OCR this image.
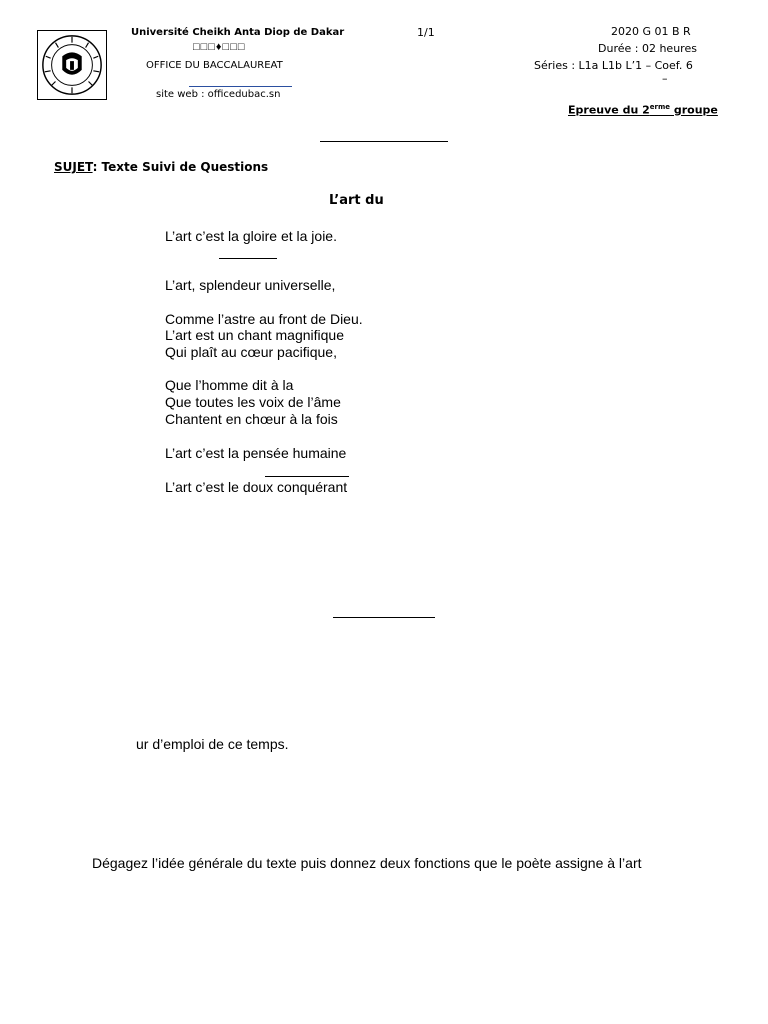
Université Cheikh Anta Diop de Dakar
□□□♦□□□
OFFICE DU BACCALAUREAT
site web : officedubac.sn
1/1	2020 G 01 B R
Durée : 02 heures
Séries : L1a L1b L’1 – Coef. 6
–
Epreuve du $2^{erme}$ groupe
SUJET: Texte Suivi de Questions
L’art du
L’art c’est la gloire et la joie.
L’art, splendeur universelle,
Comme l’astre au front de Dieu.
L’art est un chant magnifique
Qui plaît au cœur pacifique,
Que l’homme dit à la
Que toutes les voix de l’âme
Chantent en chœur à la fois
L’art c’est la pensée humaine
L’art c’est le doux conquérant
ur d’emploi de ce temps.
Dégagez l’idée générale du texte puis donnez deux fonctions que le poète assigne à l’art
